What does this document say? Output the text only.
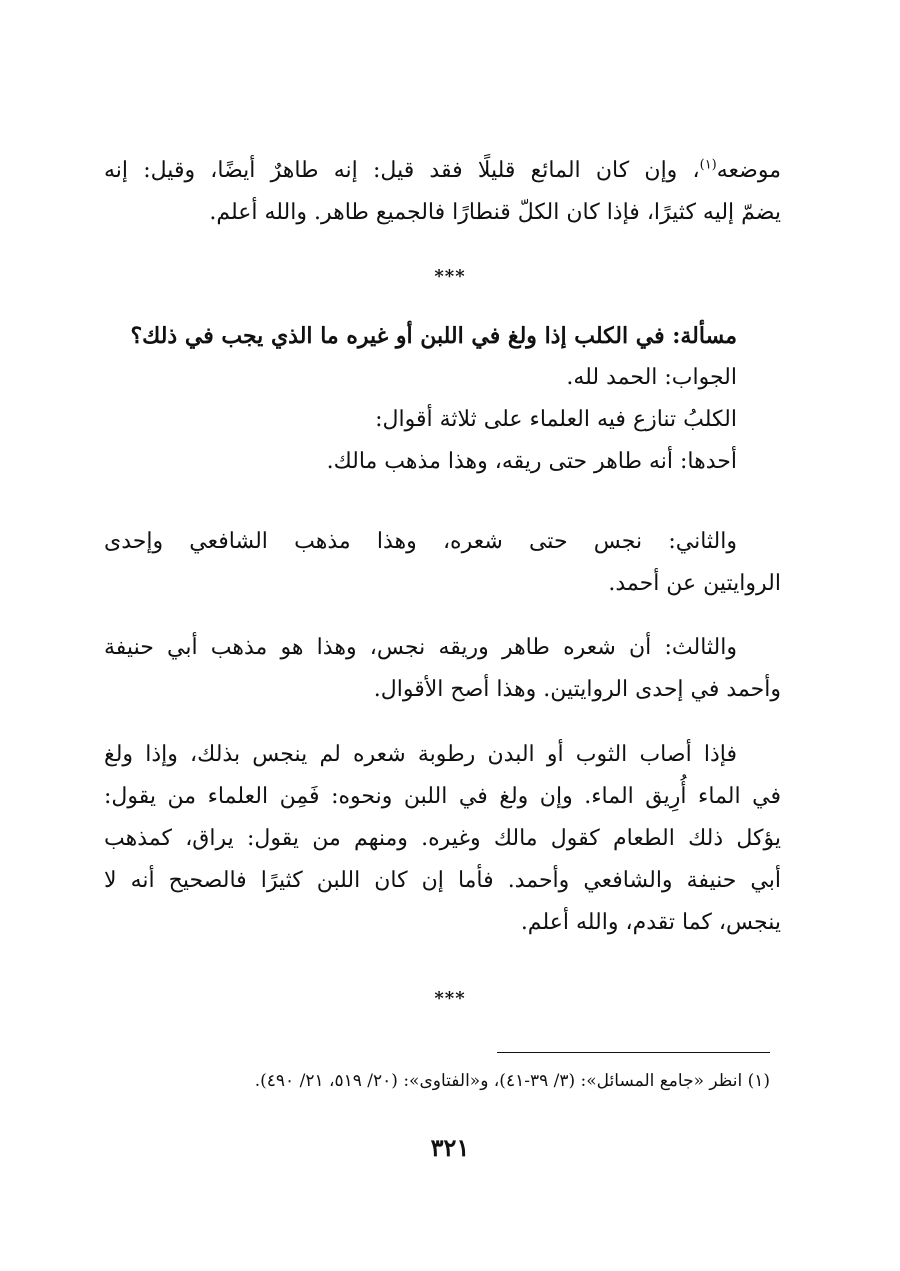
موضعه$^{(١)}$، وإن كان المائع قليلًا فقد قيل: إنه طاهرٌ أيضًا، وقيل: إنه
يضمّ إليه كثيرًا، فإذا كان الكلّ قنطارًا فالجميع طاهر. والله أعلم.
***
مسألة: في الكلب إذا ولغ في اللبن أو غيره ما الذي يجب في ذلك؟
الجواب: الحمد لله.
الكلبُ تنازع فيه العلماء على ثلاثة أقوال:
أحدها: أنه طاهر حتى ريقه، وهذا مذهب مالك.
والثاني: نجس حتى شعره، وهذا مذهب الشافعي وإحدى
الروايتين عن أحمد.
والثالث: أن شعره طاهر وريقه نجس، وهذا هو مذهب أبي حنيفة
وأحمد في إحدى الروايتين. وهذا أصح الأقوال.
فإذا أصاب الثوب أو البدن رطوبة شعره لم ينجس بذلك، وإذا ولغ
في الماء أُرِيق الماء. وإن ولغ في اللبن ونحوه: فَمِن العلماء من يقول:
يؤكل ذلك الطعام كقول مالك وغيره. ومنهم من يقول: يراق، كمذهب
أبي حنيفة والشافعي وأحمد. فأما إن كان اللبن كثيرًا فالصحيح أنه لا
ينجس، كما تقدم، والله أعلم.
***
(١) انظر «جامع المسائل»: (٣/ ٣٩-٤١)، و«الفتاوى»: (٢٠/ ٥١٩، ٢١/ ٤٩٠).
٣٢١
